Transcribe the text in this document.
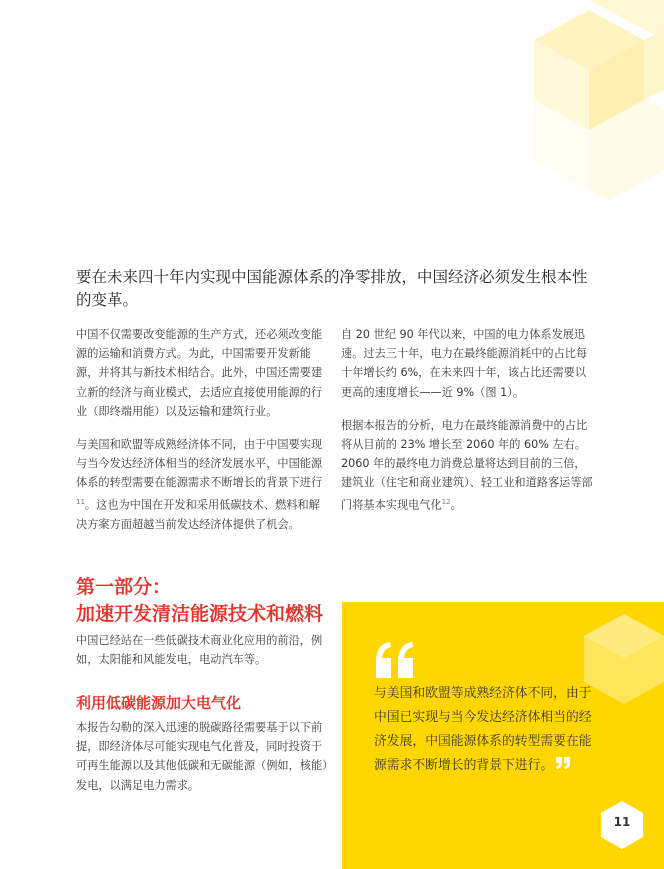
要在未来四十年内实现中国能源体系的净零排放，中国经济必须发生根本性的变革。

中国不仅需要改变能源的生产方式，还必须改变能源的运输和消费方式。为此，中国需要开发新能源，并将其与新技术相结合。此外，中国还需要建立新的经济与商业模式，去适应直接使用能源的行业（即终端用能）以及运输和建筑行业。

与美国和欧盟等成熟经济体不同，由于中国要实现与当今发达经济体相当的经济发展水平，中国能源体系的转型需要在能源需求不断增长的背景下进行$^{11}$。这也为中国在开发和采用低碳技术、燃料和解决方案方面超越当前发达经济体提供了机会。

自 20 世纪 90 年代以来，中国的电力体系发展迅速。过去三十年，电力在最终能源消耗中的占比每十年增长约 6%，在未来四十年，该占比还需要以更高的速度增长——近 9%（图 1）。

根据本报告的分析，电力在最终能源消费中的占比将从目前的 23% 增长至 2060 年的 60% 左右。2060 年的最终电力消费总量将达到目前的三倍，建筑业（住宅和商业建筑）、轻工业和道路客运等部门将基本实现电气化$^{12}$。

第一部分：
加速开发清洁能源技术和燃料

中国已经站在一些低碳技术商业化应用的前沿，例如，太阳能和风能发电，电动汽车等。

利用低碳能源加大电气化

本报告勾勒的深入迅速的脱碳路径需要基于以下前提，即经济体尽可能实现电气化普及，同时投资于可再生能源以及其他低碳和无碳能源（例如，核能）发电，以满足电力需求。

与美国和欧盟等成熟经济体不同，由于中国已实现与当今发达经济体相当的经济发展，中国能源体系的转型需要在能源需求不断增长的背景下进行。

11
